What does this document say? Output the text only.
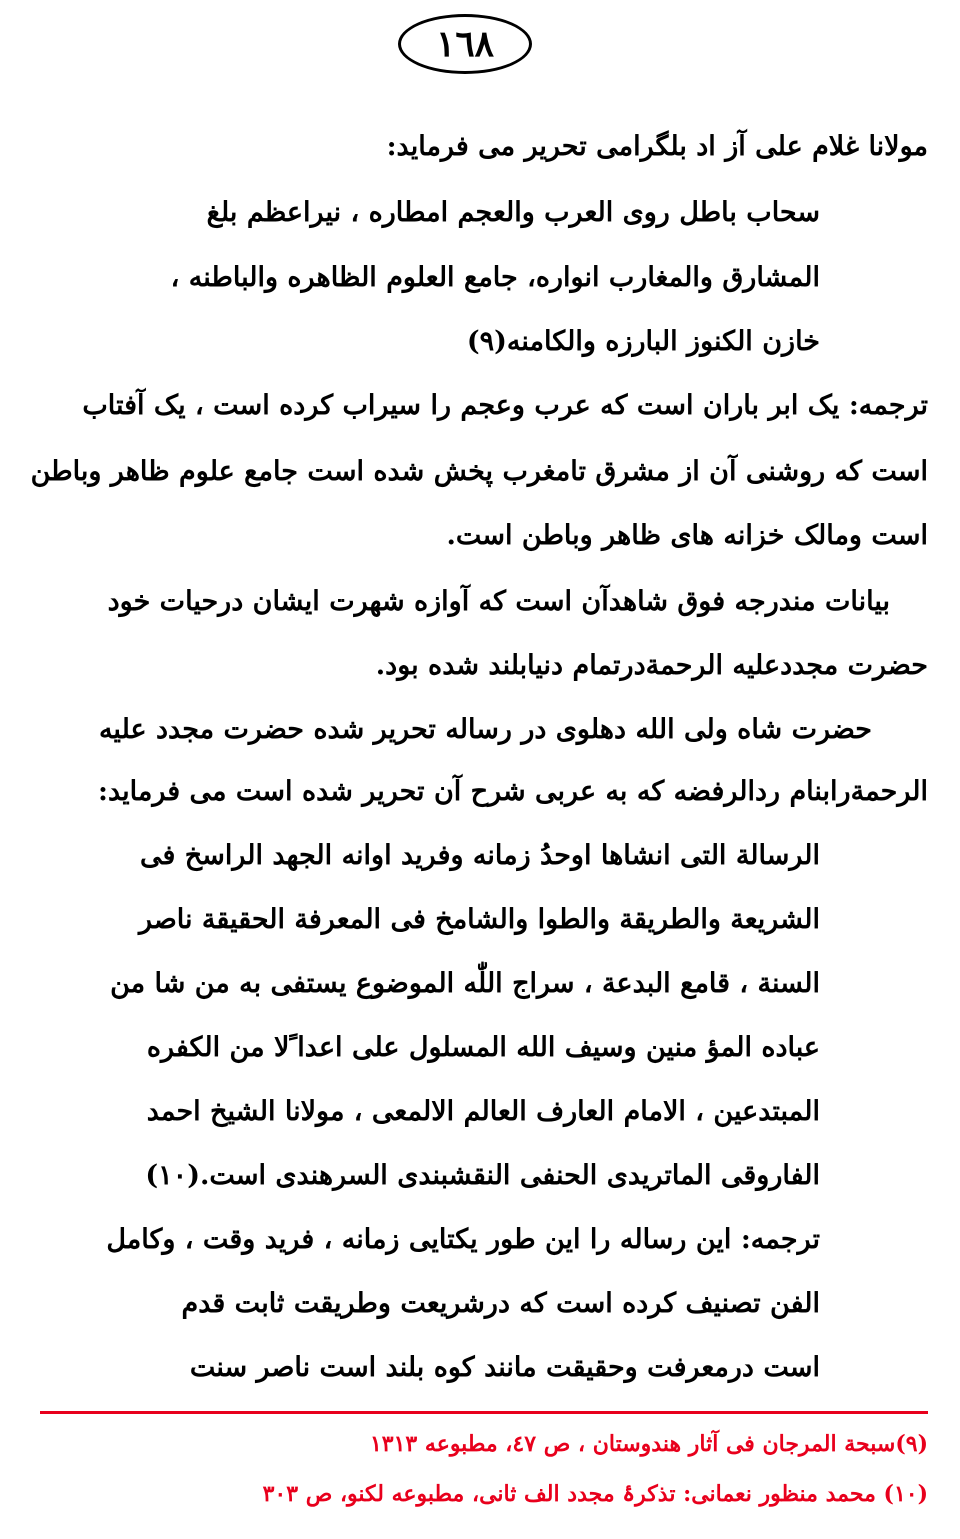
١٦٨
مولانا غلام علی آز اد بلگرامی تحریر می فرماید:
سحاب باطل روی العرب والعجم امطاره ، نیراعظم بلغ
المشارق والمغارب انواره، جامع العلوم الظاهره والباطنه ،
خازن الکنوز البارزه والکامنه(۹)
ترجمه: یک ابر باران است که عرب وعجم را سیراب کرده است ، یک آفتاب
است که روشنی آن از مشرق تامغرب پخش شده است جامع علوم ظاهر وباطن
است ومالک خزانه های ظاهر وباطن است.
بیانات مندرجه فوق شاهدآن است که آوازه شهرت ایشان درحیات خود
حضرت مجددعلیه الرحمةدرتمام دنیابلند شده بود.
حضرت شاه ولی الله دهلوی در رساله تحریر شده حضرت مجدد علیه
الرحمةرابنام ردالرفضه که به عربی شرح آن تحریر شده است می فرماید:
الرسالة التی انشاها اوحدُ زمانه وفرید اوانه الجهد الراسخ فی
الشریعة والطریقة والطوا والشامخ فی المعرفة الحقیقة ناصر
السنة ، قامع البدعة ، سراج اللّٰه الموضوع یستفی به من شا من
عباده المؤ منین وسیف الله المسلول علی اعدا ًلا من الکفره
المبتدعین ، الامام العارف العالم الالمعی ، مولانا الشیخ احمد
الفاروقی الماتریدی الحنفی النقشبندی السرهندی است.(١٠)
ترجمه: این رساله را این طور یکتایی زمانه ، فرید وقت ، وکامل
الفن تصنیف کرده است که درشریعت وطریقت ثابت قدم
است درمعرفت وحقیقت مانند کوه بلند است ناصر سنت
(۹)سبحة المرجان فی آثار هندوستان ، ص ٤٧، مطبوعه ١٣١٣
(١٠) محمد منظور نعمانی: تذکرۂ مجدد الف ثانی، مطبوعه لکنو، ص ٣٠٣
